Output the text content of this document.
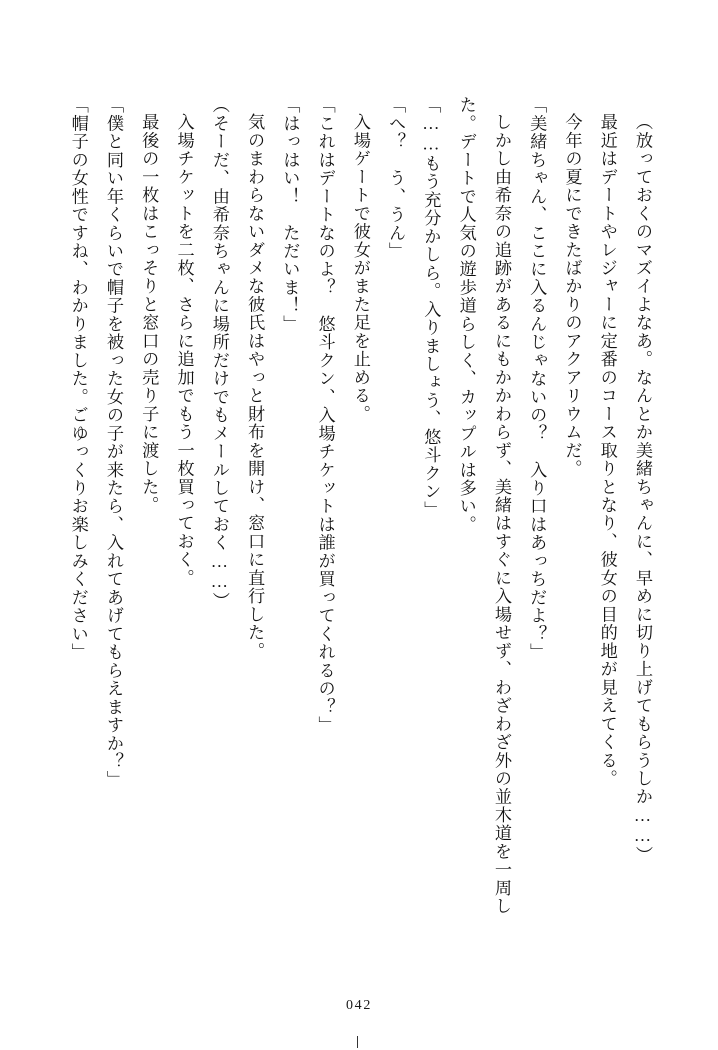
（放っておくのマズイよなあ。なんとか美緒ちゃんに、早めに切り上げてもらうしか……）

最近はデートやレジャーに定番のコース取りとなり、彼女の目的地が見えてくる。

今年の夏にできたばかりのアクアリウムだ。

「美緒ちゃん、ここに入るんじゃないの？　入り口はあっちだよ？」

しかし由希奈の追跡があるにもかかわらず、美緒はすぐに入場せず、わざわざ外の並木道を一周した。デートで人気の遊歩道らしく、カップルは多い。

「……もう充分かしら。入りましょう、悠斗クン」

「へ？　う、うん」

入場ゲートで彼女がまた足を止める。

「これはデートなのよ？　悠斗クン、入場チケットは誰が買ってくれるの？」

「はっはい！　ただいま！」

気のまわらないダメな彼氏はやっと財布を開け、窓口に直行した。

（そーだ、由希奈ちゃんに場所だけでもメールしておく……）

入場チケットを二枚、さらに追加でもう一枚買っておく。

最後の一枚はこっそりと窓口の売り子に渡した。

「僕と同い年くらいで帽子を被った女の子が来たら、入れてあげてもらえますか？」

「帽子の女性ですね、わかりました。ごゆっくりお楽しみください」

042
